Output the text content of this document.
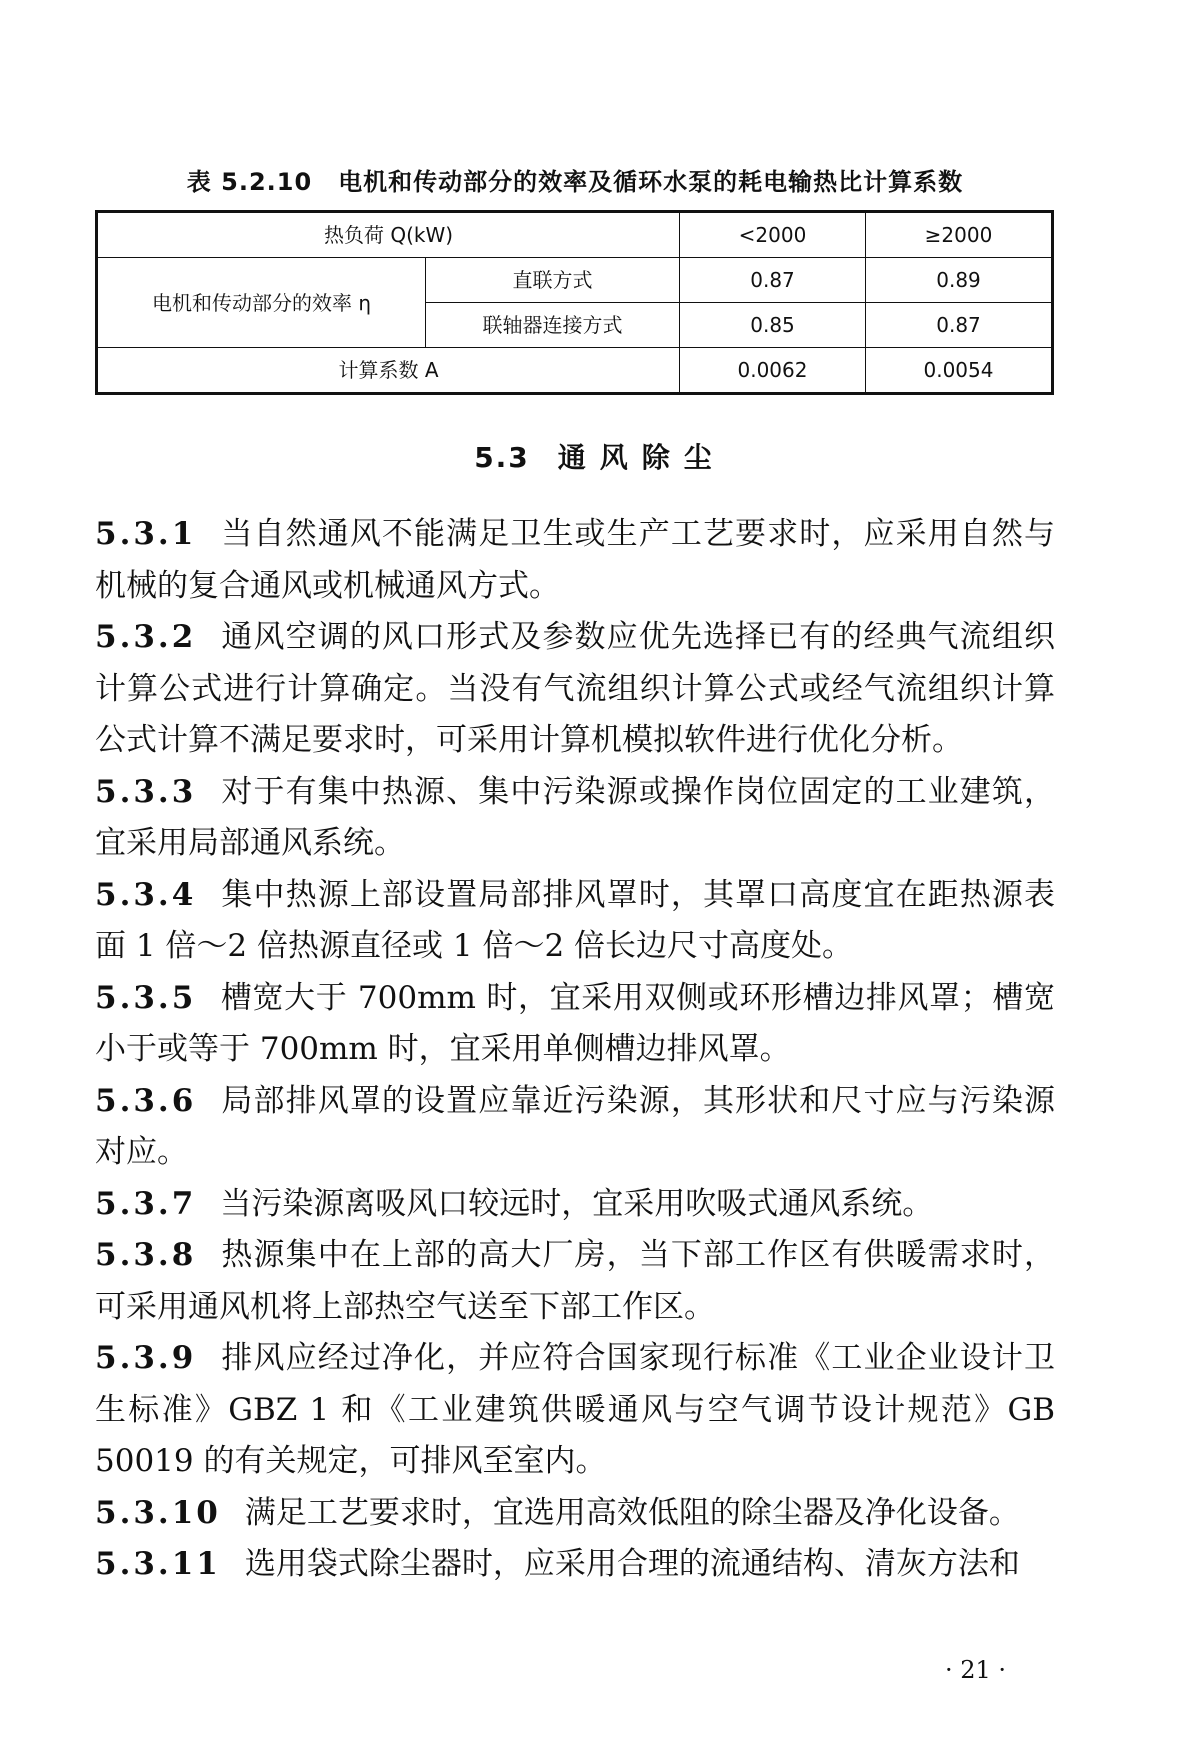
表 5.2.10 电机和传动部分的效率及循环水泵的耗电输热比计算系数
热负荷 Q(kW)		<2000	≥2000
电机和传动部分的效率 η	直联方式	0.87	0.89
	联轴器连接方式	0.85	0.87
计算系数 A		0.0062	0.0054
5.3 通风除尘

5.3.1 当自然通风不能满足卫生或生产工艺要求时，应采用自然与机械的复合通风或机械通风方式。

5.3.2 通风空调的风口形式及参数应优先选择已有的经典气流组织计算公式进行计算确定。当没有气流组织计算公式或经气流组织计算公式计算不满足要求时，可采用计算机模拟软件进行优化分析。

5.3.3 对于有集中热源、集中污染源或操作岗位固定的工业建筑，宜采用局部通风系统。

5.3.4 集中热源上部设置局部排风罩时，其罩口高度宜在距热源表面 1 倍～2 倍热源直径或 1 倍～2 倍长边尺寸高度处。

5.3.5 槽宽大于 700mm 时，宜采用双侧或环形槽边排风罩；槽宽小于或等于 700mm 时，宜采用单侧槽边排风罩。

5.3.6 局部排风罩的设置应靠近污染源，其形状和尺寸应与污染源对应。

5.3.7 当污染源离吸风口较远时，宜采用吹吸式通风系统。

5.3.8 热源集中在上部的高大厂房，当下部工作区有供暖需求时，可采用通风机将上部热空气送至下部工作区。

5.3.9 排风应经过净化，并应符合国家现行标准《工业企业设计卫生标准》GBZ 1 和《工业建筑供暖通风与空气调节设计规范》GB 50019 的有关规定，可排风至室内。

5.3.10 满足工艺要求时，宜选用高效低阻的除尘器及净化设备。

5.3.11 选用袋式除尘器时，应采用合理的流通结构、清灰方法和

· 21 ·
